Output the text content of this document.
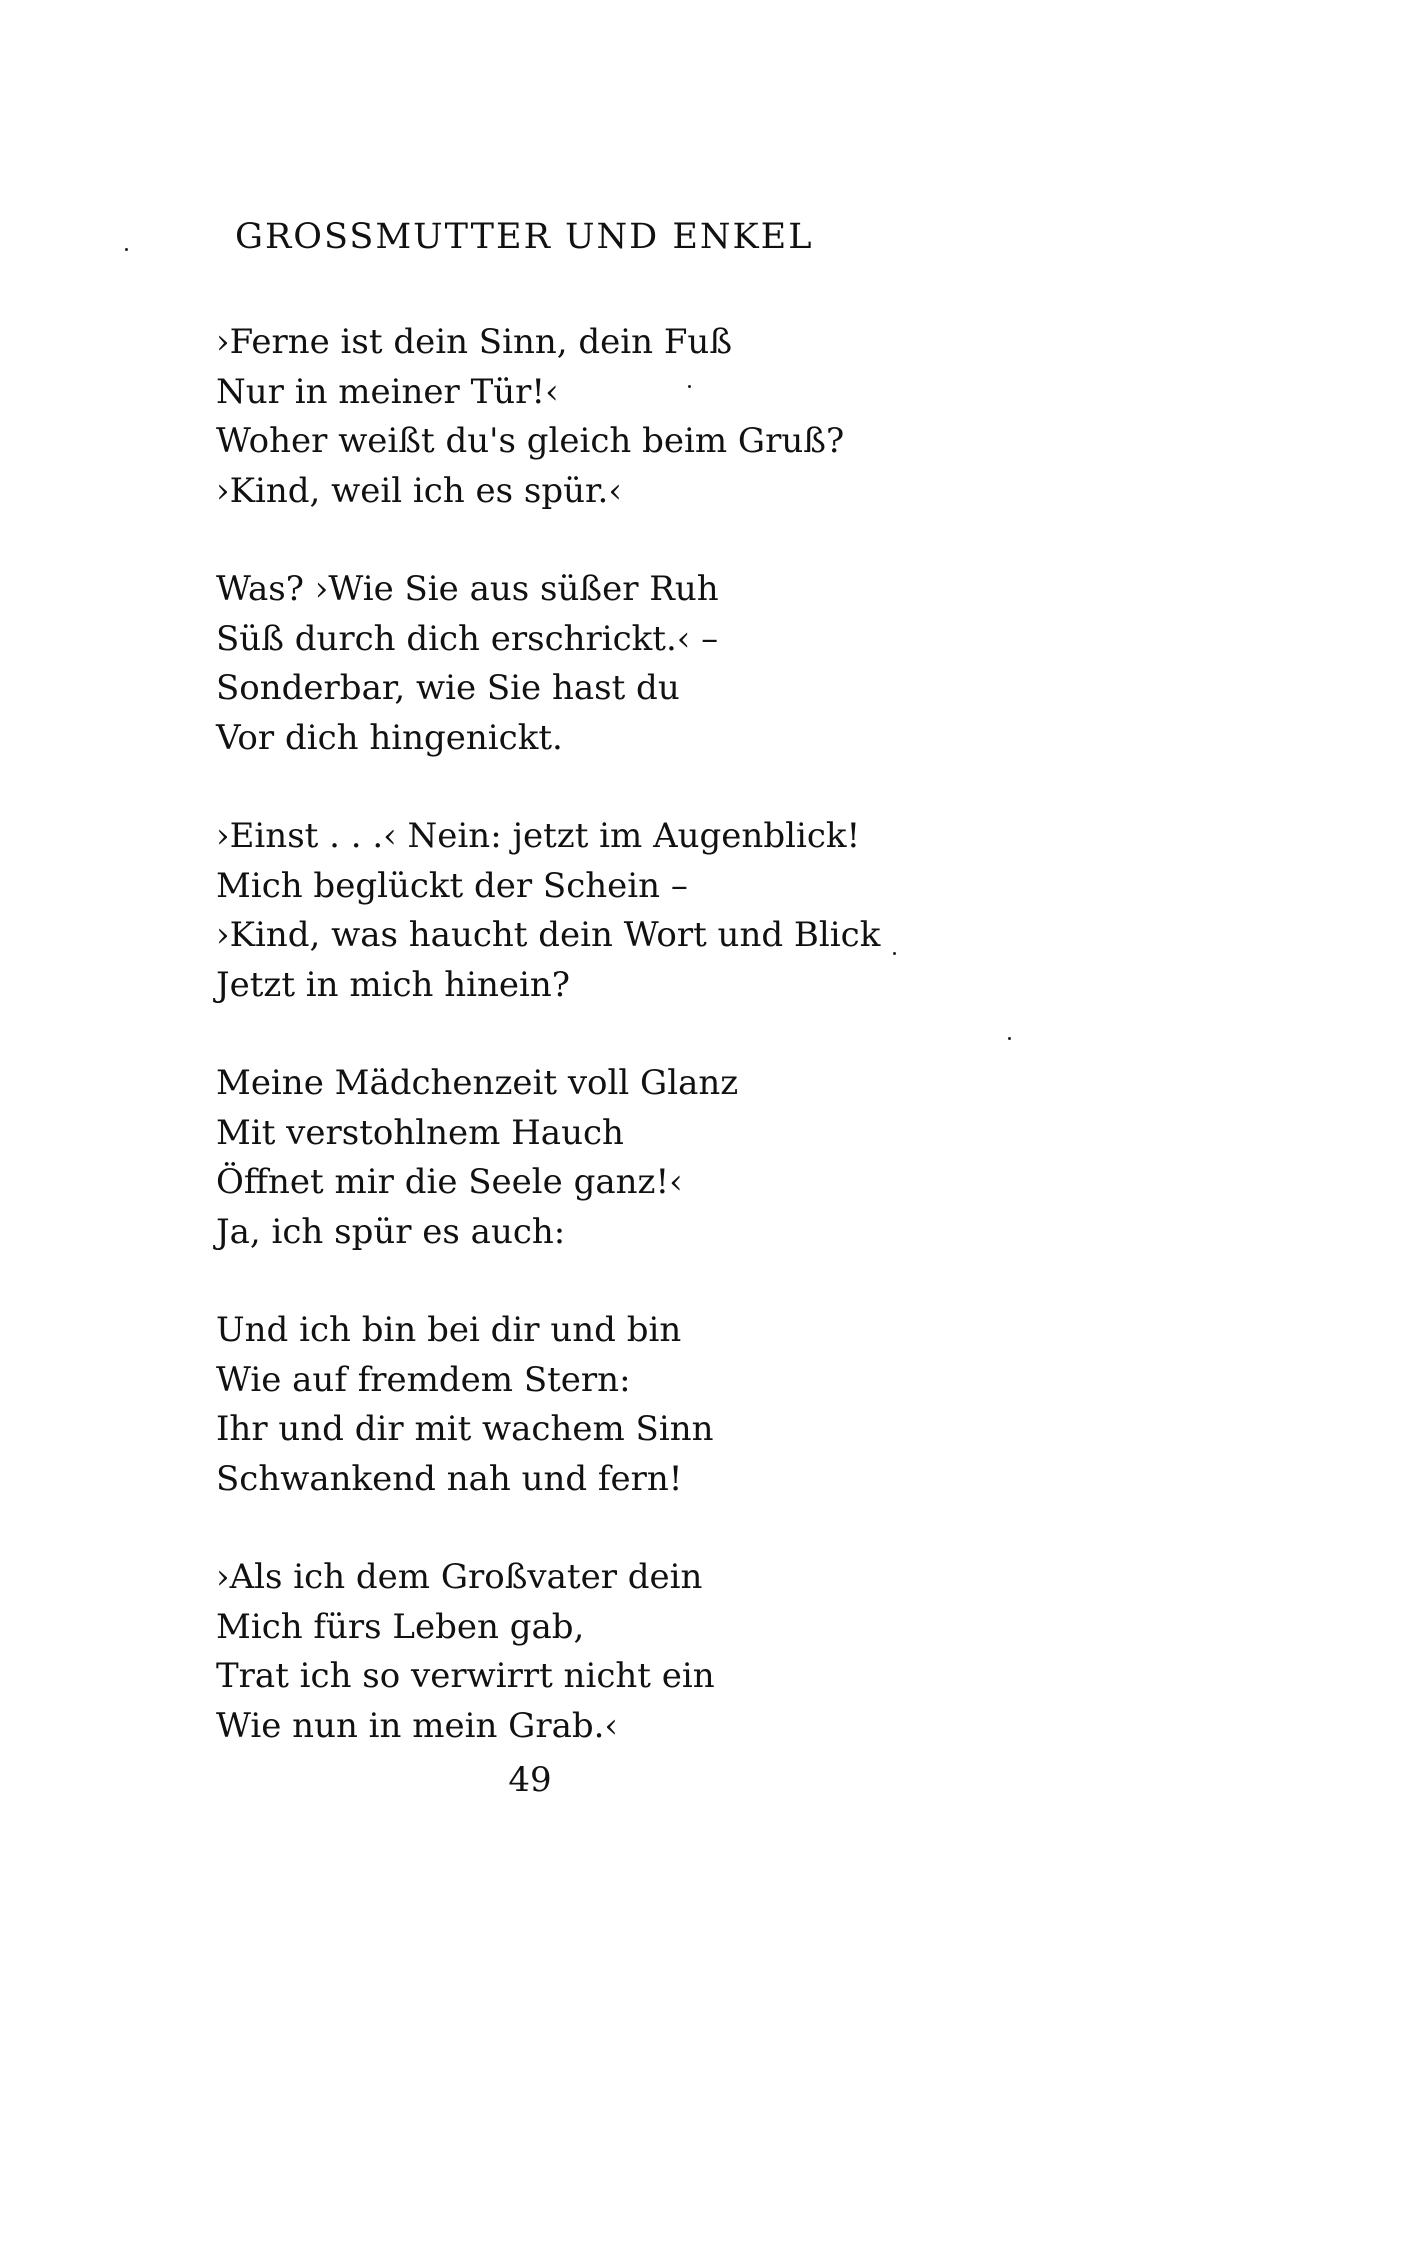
GROSSMUTTER UND ENKEL
›Ferne ist dein Sinn, dein Fuß
Nur in meiner Tür!‹
Woher weißt du's gleich beim Gruß?
›Kind, weil ich es spür.‹
Was? ›Wie Sie aus süßer Ruh
Süß durch dich erschrickt.‹ –
Sonderbar, wie Sie hast du
Vor dich hingenickt.
›Einst . . .‹ Nein: jetzt im Augenblick!
Mich beglückt der Schein –
›Kind, was haucht dein Wort und Blick
Jetzt in mich hinein?
Meine Mädchenzeit voll Glanz
Mit verstohlnem Hauch
Öffnet mir die Seele ganz!‹
Ja, ich spür es auch:
Und ich bin bei dir und bin
Wie auf fremdem Stern:
Ihr und dir mit wachem Sinn
Schwankend nah und fern!
›Als ich dem Großvater dein
Mich fürs Leben gab,
Trat ich so verwirrt nicht ein
Wie nun in mein Grab.‹
49
